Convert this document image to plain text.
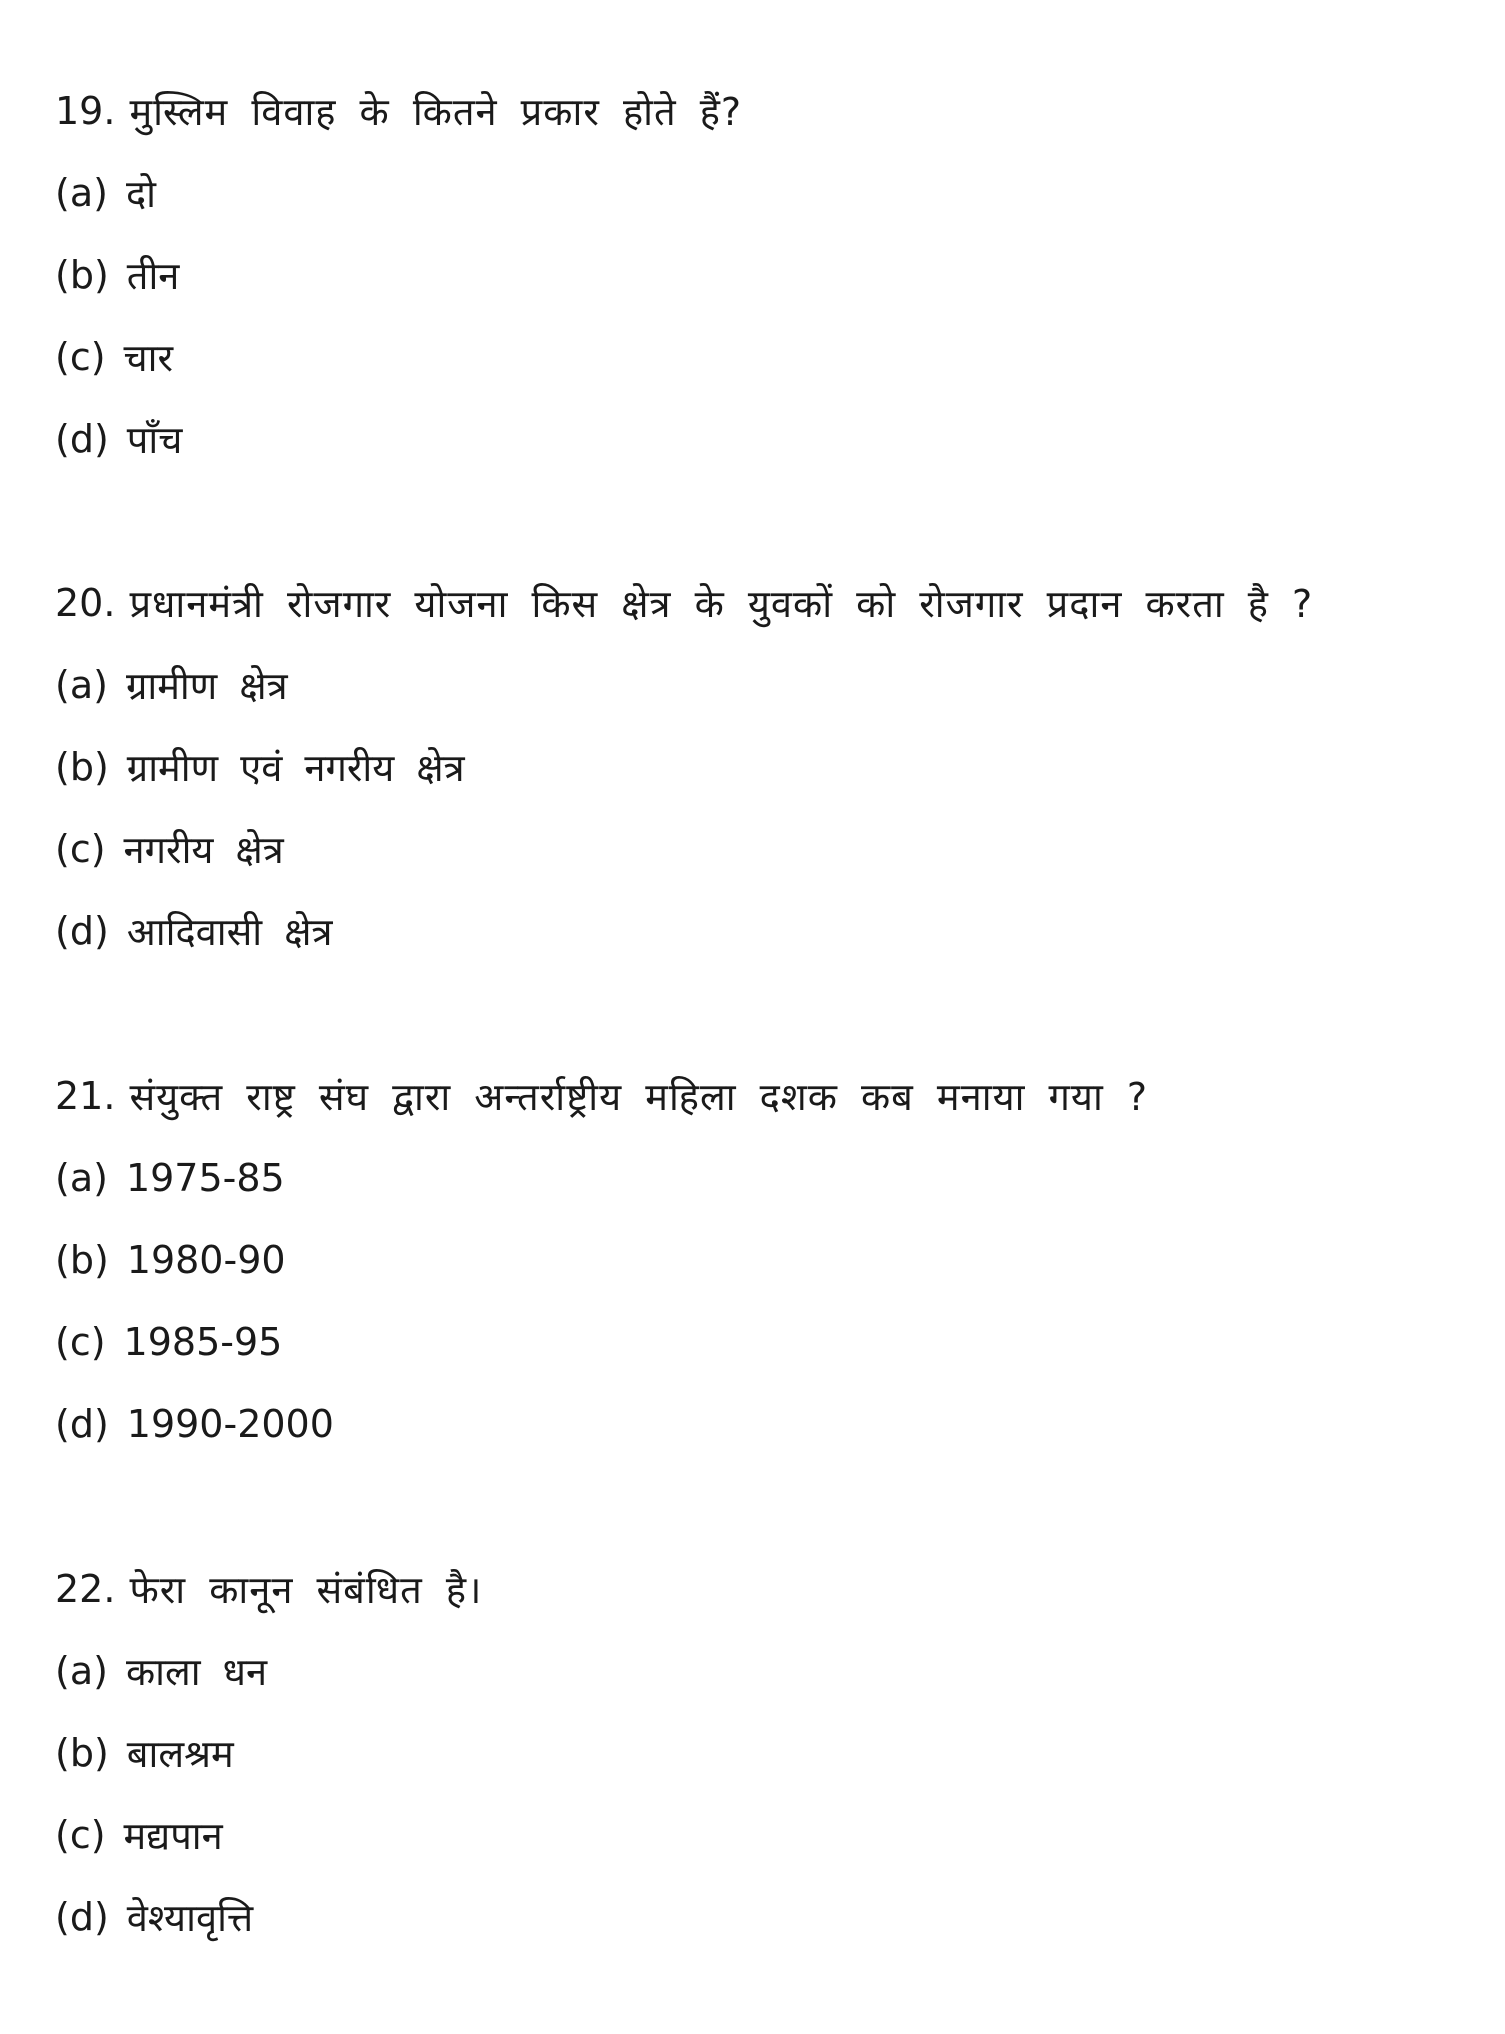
19. मुस्लिम विवाह के कितने प्रकार होते हैं?
(a) दो
(b) तीन
(c) चार
(d) पाँच
20. प्रधानमंत्री रोजगार योजना किस क्षेत्र के युवकों को रोजगार प्रदान करता है ?
(a) ग्रामीण क्षेत्र
(b) ग्रामीण एवं नगरीय क्षेत्र
(c) नगरीय क्षेत्र
(d) आदिवासी क्षेत्र
21. संयुक्त राष्ट्र संघ द्वारा अन्तर्राष्ट्रीय महिला दशक कब मनाया गया ?
(a) 1975-85
(b) 1980-90
(c) 1985-95
(d) 1990-2000
22. फेरा कानून संबंधित है।
(a) काला धन
(b) बालश्रम
(c) मद्यपान
(d) वेश्यावृत्ति
